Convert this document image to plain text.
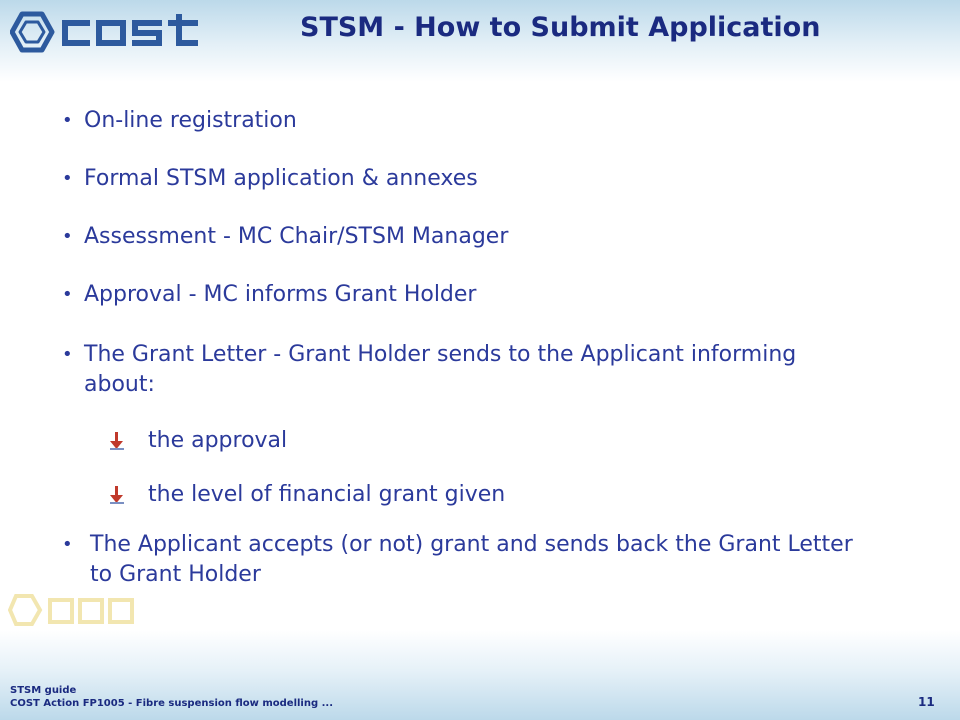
STSM - How to Submit Application
• On-line registration
• Formal STSM application & annexes
• Assessment - MC Chair/STSM Manager
• Approval - MC informs Grant Holder
• The Grant Letter - Grant Holder sends to the Applicant informing about:
the approval
the level of financial grant given
• The Applicant accepts (or not) grant and sends back the Grant Letter to Grant Holder
STSM guide
COST Action FP1005 - Fibre suspension flow modelling ...	11
